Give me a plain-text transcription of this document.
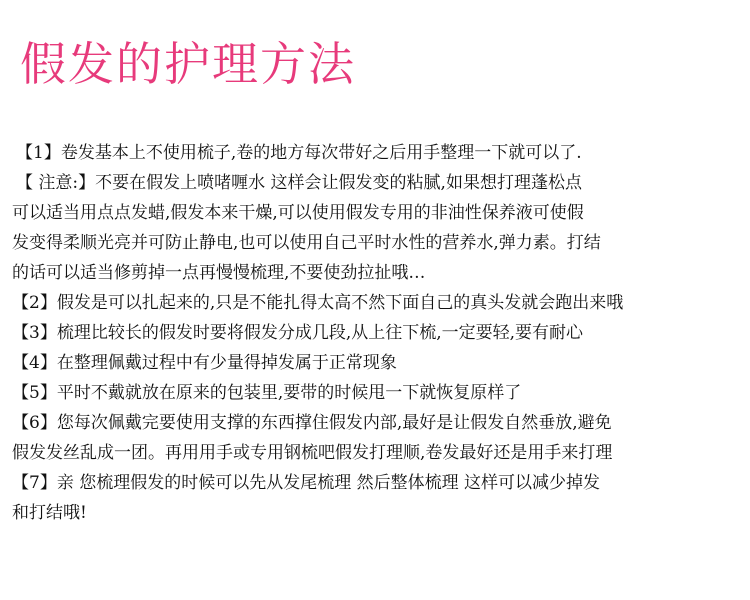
假发的护理方法
【1】卷发基本上不使用梳子,卷的地方每次带好之后用手整理一下就可以了.
【 注意:】不要在假发上喷啫喱水 这样会让假发变的粘腻,如果想打理蓬松点
可以适当用点点发蜡,假发本来干燥,可以使用假发专用的非油性保养液可使假
发变得柔顺光亮并可防止静电,也可以使用自己平时水性的营养水,弹力素。打结
的话可以适当修剪掉一点再慢慢梳理,不要使劲拉扯哦…
【2】假发是可以扎起来的,只是不能扎得太高不然下面自己的真头发就会跑出来哦
【3】梳理比较长的假发时要将假发分成几段,从上往下梳,一定要轻,要有耐心
【4】在整理佩戴过程中有少量得掉发属于正常现象
【5】平时不戴就放在原来的包装里,要带的时候甩一下就恢复原样了
【6】您每次佩戴完要使用支撑的东西撑住假发内部,最好是让假发自然垂放,避免
假发发丝乱成一团。再用用手或专用钢梳吧假发打理顺,卷发最好还是用手来打理
【7】亲 您梳理假发的时候可以先从发尾梳理 然后整体梳理 这样可以减少掉发
和打结哦!
